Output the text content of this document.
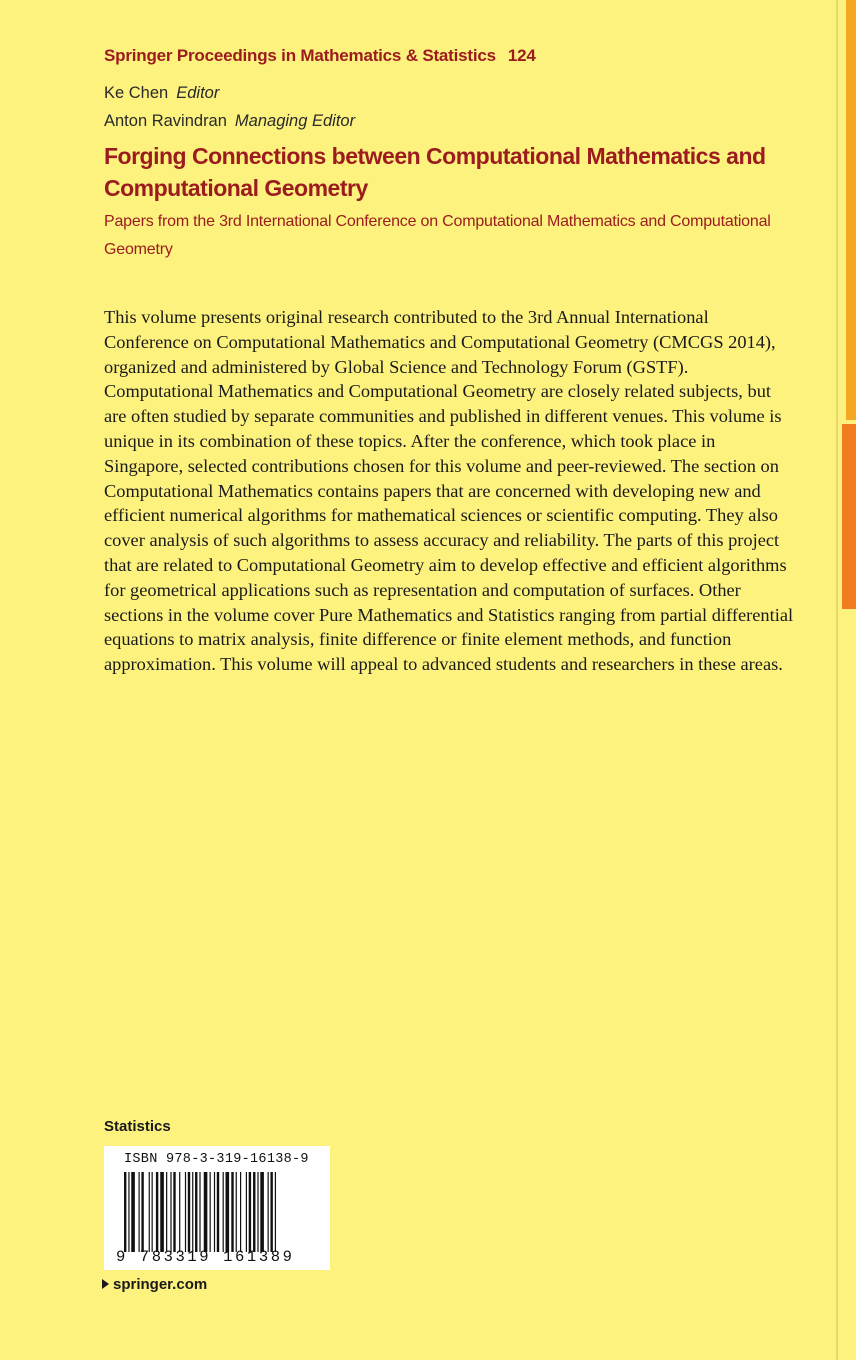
Springer Proceedings in Mathematics & Statistics 124
Ke Chen Editor
Anton Ravindran Managing Editor
Forging Connections between Computational Mathematics and Computational Geometry
Papers from the 3rd International Conference on Computational Mathematics and Computational Geometry
This volume presents original research contributed to the 3rd Annual International Conference on Computational Mathematics and Computational Geometry (CMCGS 2014), organized and administered by Global Science and Technology Forum (GSTF). Computational Mathematics and Computational Geometry are closely related subjects, but are often studied by separate communities and published in different venues. This volume is unique in its combination of these topics. After the conference, which took place in Singapore, selected contributions chosen for this volume and peer-reviewed. The section on Computational Mathematics contains papers that are concerned with developing new and efficient numerical algorithms for mathematical sciences or scientific computing. They also cover analysis of such algorithms to assess accuracy and reliability. The parts of this project that are related to Computational Geometry aim to develop effective and efficient algorithms for geometrical applications such as representation and computation of surfaces. Other sections in the volume cover Pure Mathematics and Statistics ranging from partial differential equations to matrix analysis, finite difference or finite element methods, and function approximation. This volume will appeal to advanced students and researchers in these areas.
Statistics
ISBN 978-3-319-16138-9
9 783319 161389
springer.com
